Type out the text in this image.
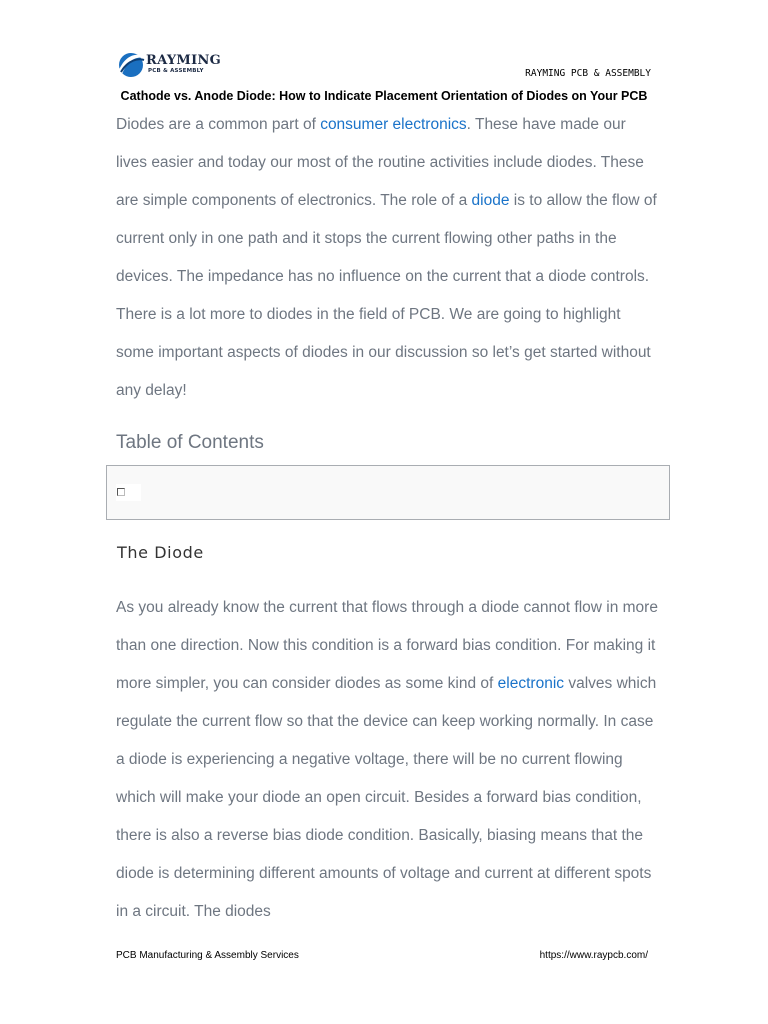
RAYMING
PCB & ASSEMBLY	RAYMING PCB & ASSEMBLY
Cathode vs. Anode Diode: How to Indicate Placement Orientation of Diodes on Your PCB

Diodes are a common part of consumer electronics. These have made our lives easier and today our most of the routine activities include diodes. These are simple components of electronics. The role of a diode is to allow the flow of current only in one path and it stops the current flowing other paths in the devices. The impedance has no influence on the current that a diode controls. There is a lot more to diodes in the field of PCB. We are going to highlight some important aspects of diodes in our discussion so let’s get started without any delay!

Table of Contents
The Diode

As you already know the current that flows through a diode cannot flow in more than one direction. Now this condition is a forward bias condition. For making it more simpler, you can consider diodes as some kind of electronic valves which regulate the current flow so that the device can keep working normally. In case a diode is experiencing a negative voltage, there will be no current flowing which will make your diode an open circuit. Besides a forward bias condition, there is also a reverse bias diode condition. Basically, biasing means that the diode is determining different amounts of voltage and current at different spots in a circuit. The diodes

PCB Manufacturing & Assembly Services	https://www.raypcb.com/
